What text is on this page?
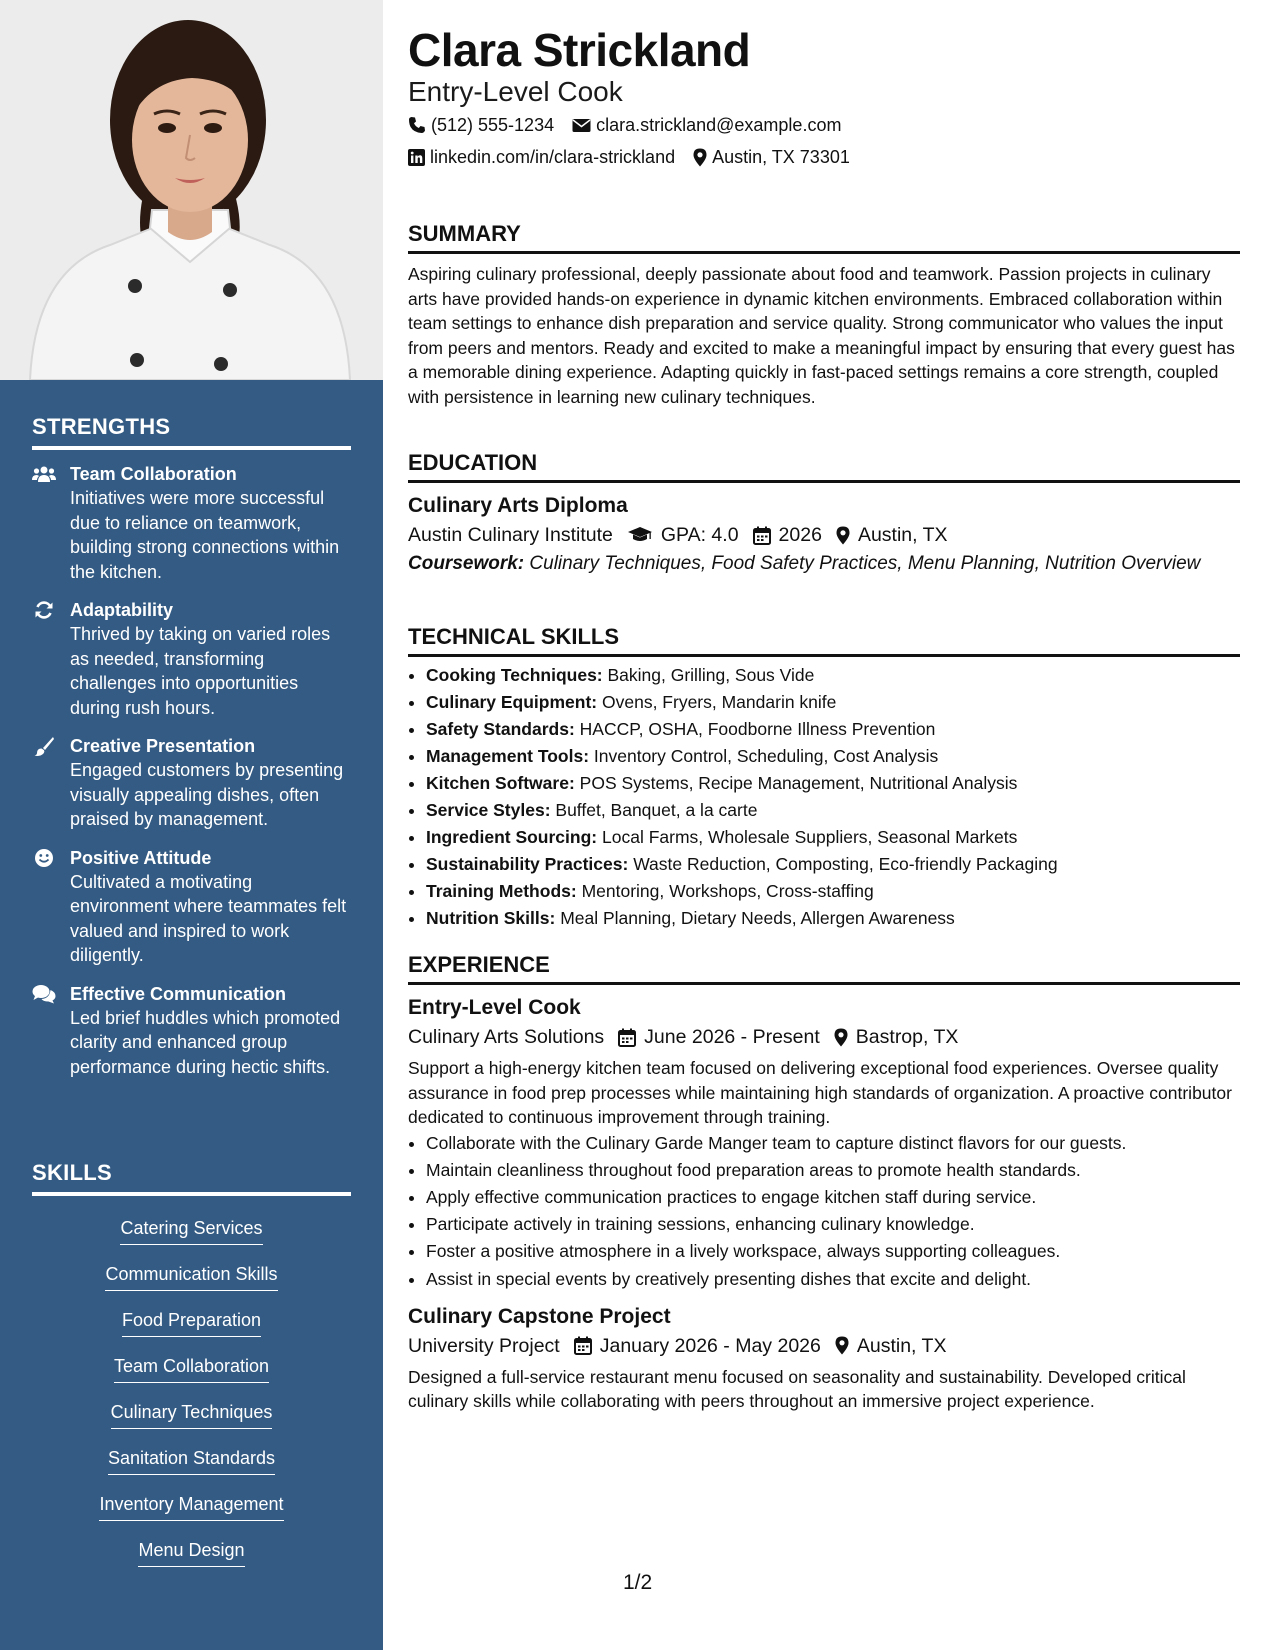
STRENGTHS
Team Collaboration
Initiatives were more successful due to reliance on teamwork, building strong connections within the kitchen.
Adaptability
Thrived by taking on varied roles as needed, transforming challenges into opportunities during rush hours.
Creative Presentation
Engaged customers by presenting visually appealing dishes, often praised by management.
Positive Attitude
Cultivated a motivating environment where teammates felt valued and inspired to work diligently.
Effective Communication
Led brief huddles which promoted clarity and enhanced group performance during hectic shifts.
SKILLS
Catering Services
Communication Skills
Food Preparation
Team Collaboration
Culinary Techniques
Sanitation Standards
Inventory Management
Menu Design
Clara Strickland
Entry-Level Cook
(512) 555-1234 clara.strickland@example.com
linkedin.com/in/clara-strickland Austin, TX 73301
SUMMARY
Aspiring culinary professional, deeply passionate about food and teamwork. Passion projects in culinary arts have provided hands-on experience in dynamic kitchen environments. Embraced collaboration within team settings to enhance dish preparation and service quality. Strong communicator who values the input from peers and mentors. Ready and excited to make a meaningful impact by ensuring that every guest has a memorable dining experience. Adapting quickly in fast-paced settings remains a core strength, coupled with persistence in learning new culinary techniques.
EDUCATION
Culinary Arts Diploma
Austin Culinary Institute GPA: 4.0 2026 Austin, TX
Coursework: Culinary Techniques, Food Safety Practices, Menu Planning, Nutrition Overview
TECHNICAL SKILLS
• Cooking Techniques: Baking, Grilling, Sous Vide
• Culinary Equipment: Ovens, Fryers, Mandarin knife
• Safety Standards: HACCP, OSHA, Foodborne Illness Prevention
• Management Tools: Inventory Control, Scheduling, Cost Analysis
• Kitchen Software: POS Systems, Recipe Management, Nutritional Analysis
• Service Styles: Buffet, Banquet, a la carte
• Ingredient Sourcing: Local Farms, Wholesale Suppliers, Seasonal Markets
• Sustainability Practices: Waste Reduction, Composting, Eco-friendly Packaging
• Training Methods: Mentoring, Workshops, Cross-staffing
• Nutrition Skills: Meal Planning, Dietary Needs, Allergen Awareness
EXPERIENCE
Entry-Level Cook
Culinary Arts Solutions June 2026 - Present Bastrop, TX
Support a high-energy kitchen team focused on delivering exceptional food experiences. Oversee quality assurance in food prep processes while maintaining high standards of organization. A proactive contributor dedicated to continuous improvement through training.
• Collaborate with the Culinary Garde Manger team to capture distinct flavors for our guests.
• Maintain cleanliness throughout food preparation areas to promote health standards.
• Apply effective communication practices to engage kitchen staff during service.
• Participate actively in training sessions, enhancing culinary knowledge.
• Foster a positive atmosphere in a lively workspace, always supporting colleagues.
• Assist in special events by creatively presenting dishes that excite and delight.
Culinary Capstone Project
University Project January 2026 - May 2026 Austin, TX
Designed a full-service restaurant menu focused on seasonality and sustainability. Developed critical culinary skills while collaborating with peers throughout an immersive project experience.
1/2
